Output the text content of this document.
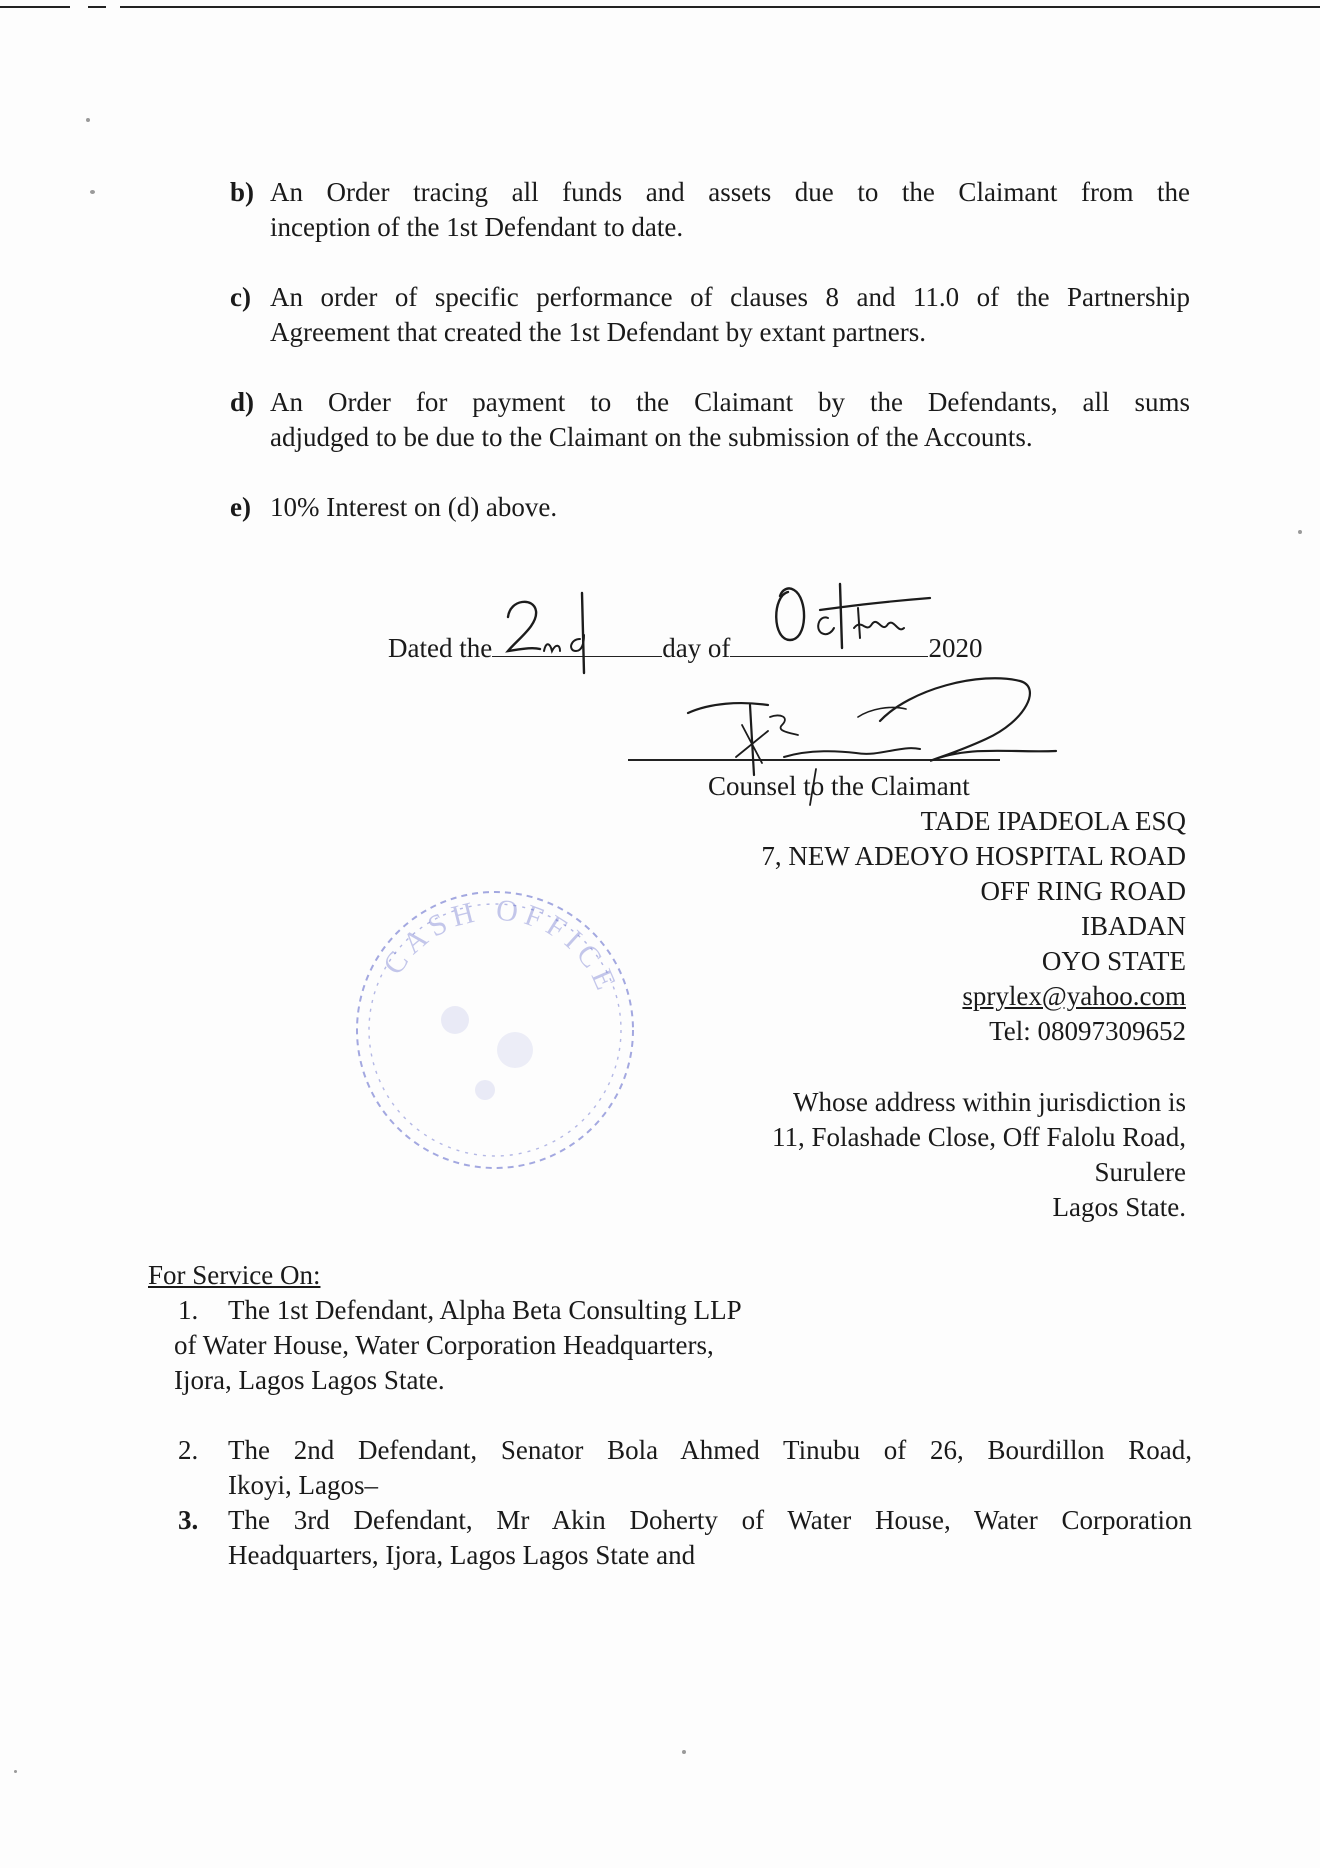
b) An Order tracing all funds and assets due to the Claimant from the
inception of the 1st Defendant to date.
c) An order of specific performance of clauses 8 and 11.0 of the Partnership
Agreement that created the 1st Defendant by extant partners.
d) An Order for payment to the Claimant by the Defendants, all sums
adjudged to be due to the Claimant on the submission of the Accounts.
e) 10% Interest on (d) above.
Dated the	day of	2020
Counsel to the Claimant
TADE IPADEOLA ESQ
7, NEW ADEOYO HOSPITAL ROAD
OFF RING ROAD
IBADAN
OYO STATE
sprylex@yahoo.com
Tel: 08097309652
Whose address within jurisdiction is
11, Folashade Close, Off Falolu Road,
Surulere
Lagos State.
CASH OFFICE
For Service On:
1. The 1st Defendant, Alpha Beta Consulting LLP
of Water House, Water Corporation Headquarters,
Ijora, Lagos Lagos State.
2. The 2nd Defendant, Senator Bola Ahmed Tinubu of 26, Bourdillon Road,
Ikoyi, Lagos–
3. The 3rd Defendant, Mr Akin Doherty of Water House, Water Corporation
Headquarters, Ijora, Lagos Lagos State and
